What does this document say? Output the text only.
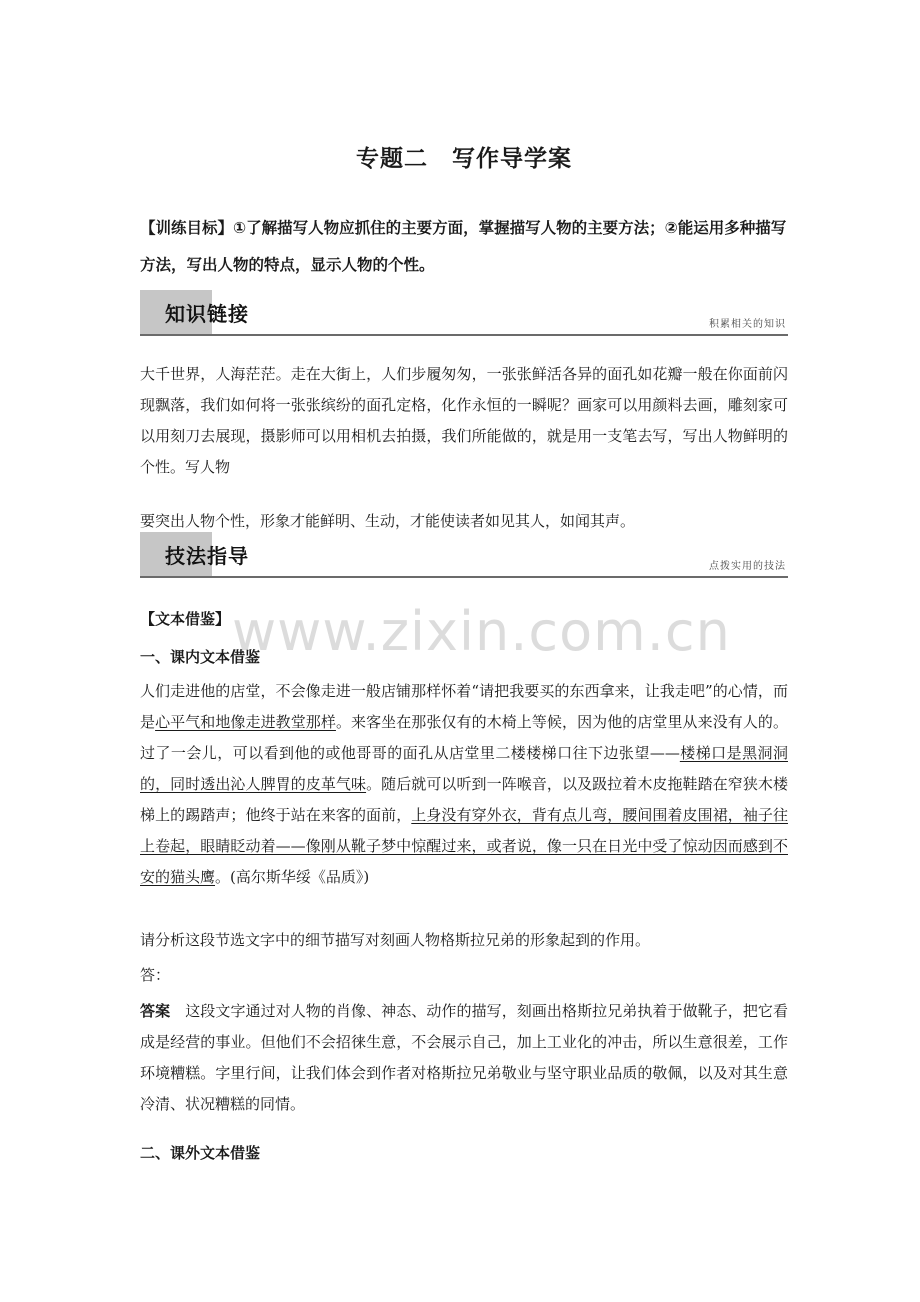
www.zixin.com.cn
专题二　写作导学案
【训练目标】①了解描写人物应抓住的主要方面，掌握描写人物的主要方法；②能运用多种描写方法，写出人物的特点，显示人物的个性。
知识链接	积累相关的知识
大千世界，人海茫茫。走在大街上，人们步履匆匆，一张张鲜活各异的面孔如花瓣一般在你面前闪现飘落，我们如何将一张张缤纷的面孔定格，化作永恒的一瞬呢？画家可以用颜料去画，雕刻家可以用刻刀去展现，摄影师可以用相机去拍摄，我们所能做的，就是用一支笔去写，写出人物鲜明的个性。写人物
要突出人物个性，形象才能鲜明、生动，才能使读者如见其人，如闻其声。
技法指导	点拨实用的技法
【文本借鉴】
一、课内文本借鉴
人们走进他的店堂，不会像走进一般店铺那样怀着“请把我要买的东西拿来，让我走吧”的心情，而是心平气和地像走进教堂那样。来客坐在那张仅有的木椅上等候，因为他的店堂里从来没有人的。过了一会儿，可以看到他的或他哥哥的面孔从店堂里二楼楼梯口往下边张望——楼梯口是黑洞洞的，同时透出沁人脾胃的皮革气味。随后就可以听到一阵喉音，以及趿拉着木皮拖鞋踏在窄狭木楼梯上的踢踏声；他终于站在来客的面前，上身没有穿外衣，背有点儿弯，腰间围着皮围裙，袖子往上卷起，眼睛眨动着——像刚从靴子梦中惊醒过来，或者说，像一只在日光中受了惊动因而感到不安的猫头鹰。(高尔斯华绥《品质》)
请分析这段节选文字中的细节描写对刻画人物格斯拉兄弟的形象起到的作用。
答：
答案　这段文字通过对人物的肖像、神态、动作的描写，刻画出格斯拉兄弟执着于做靴子，把它看成是经营的事业。但他们不会招徕生意，不会展示自己，加上工业化的冲击，所以生意很差，工作环境糟糕。字里行间，让我们体会到作者对格斯拉兄弟敬业与坚守职业品质的敬佩，以及对其生意冷清、状况糟糕的同情。
二、课外文本借鉴
